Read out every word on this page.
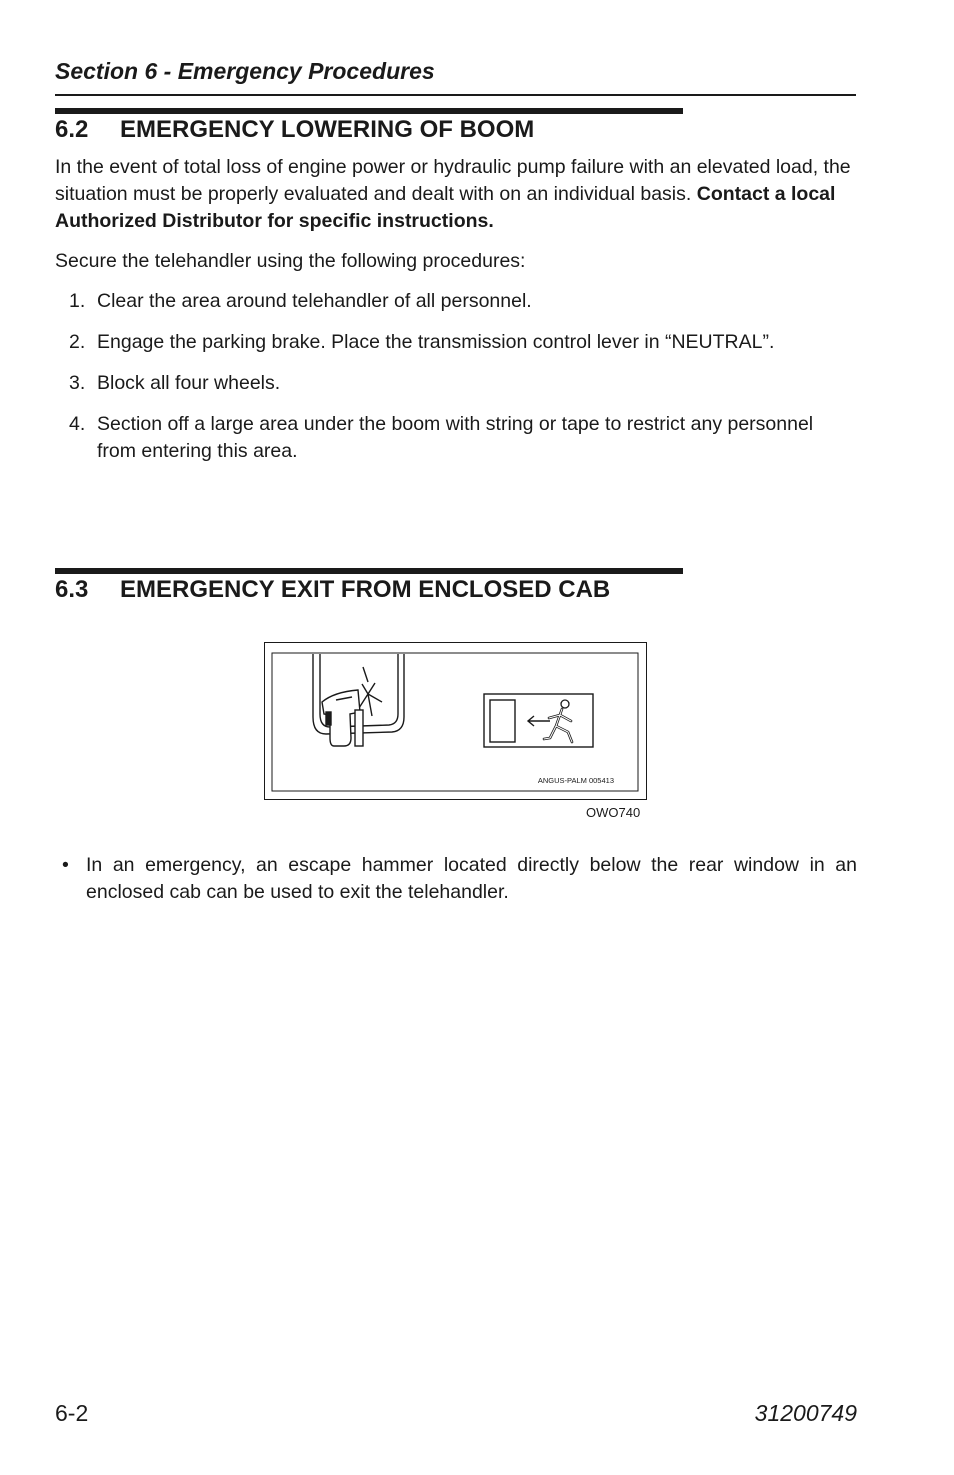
Section 6 - Emergency Procedures
6.2 EMERGENCY LOWERING OF BOOM

In the event of total loss of engine power or hydraulic pump failure with an elevated load, the situation must be properly evaluated and dealt with on an individual basis. Contact a local Authorized Distributor for specific instructions.

Secure the telehandler using the following procedures:

1. Clear the area around telehandler of all personnel.
2. Engage the parking brake. Place the transmission control lever in “NEUTRAL”.
3. Block all four wheels.
4. Section off a large area under the boom with string or tape to restrict any personnel from entering this area.
6.3 EMERGENCY EXIT FROM ENCLOSED CAB
ANGUS-PALM 005413
OWO740
• In an emergency, an escape hammer located directly below the rear window in an enclosed cab can be used to exit the telehandler.
6-2	31200749
